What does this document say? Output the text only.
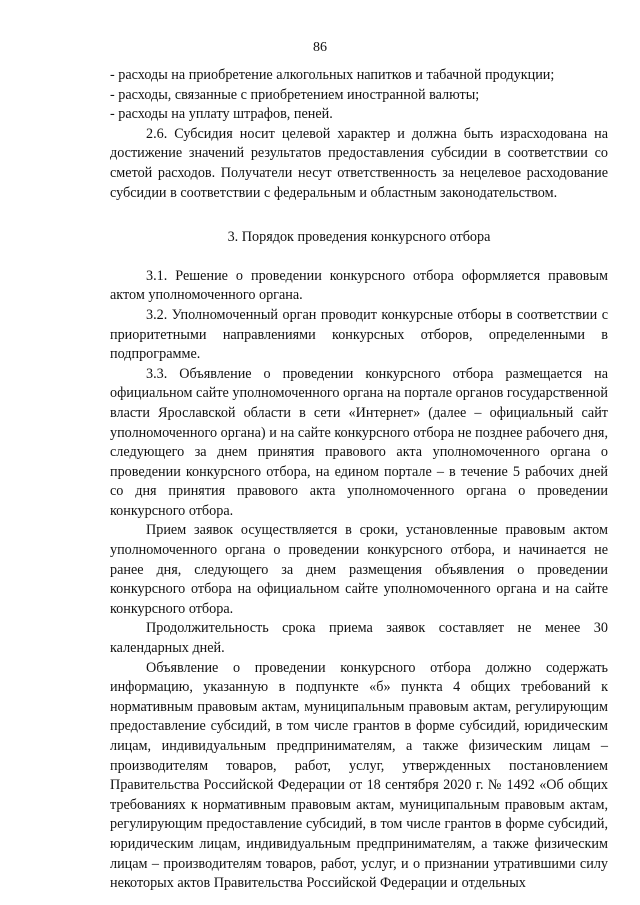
86

- расходы на приобретение алкогольных напитков и табачной продукции;

- расходы, связанные с приобретением иностранной валюты;

- расходы на уплату штрафов, пеней.

2.6. Субсидия носит целевой характер и должна быть израсходована на достижение значений результатов предоставления субсидии в соответствии со сметой расходов. Получатели несут ответственность за нецелевое расходование субсидии в соответствии с федеральным и областным законодательством.

3. Порядок проведения конкурсного отбора

3.1. Решение о проведении конкурсного отбора оформляется правовым актом уполномоченного органа.

3.2. Уполномоченный орган проводит конкурсные отборы в соответствии с приоритетными направлениями конкурсных отборов, определенными в подпрограмме.

3.3. Объявление о проведении конкурсного отбора размещается на официальном сайте уполномоченного органа на портале органов государственной власти Ярославской области в сети «Интернет» (далее – официальный сайт уполномоченного органа) и на сайте конкурсного отбора не позднее рабочего дня, следующего за днем принятия правового акта уполномоченного органа о проведении конкурсного отбора, на едином портале – в течение 5 рабочих дней со дня принятия правового акта уполномоченного органа о проведении конкурсного отбора.

Прием заявок осуществляется в сроки, установленные правовым актом уполномоченного органа о проведении конкурсного отбора, и начинается не ранее дня, следующего за днем размещения объявления о проведении конкурсного отбора на официальном сайте уполномоченного органа и на сайте конкурсного отбора.

Продолжительность срока приема заявок составляет не менее 30 календарных дней.

Объявление о проведении конкурсного отбора должно содержать информацию, указанную в подпункте «б» пункта 4 общих требований к нормативным правовым актам, муниципальным правовым актам, регулирующим предоставление субсидий, в том числе грантов в форме субсидий, юридическим лицам, индивидуальным предпринимателям, а также физическим лицам – производителям товаров, работ, услуг, утвержденных постановлением Правительства Российской Федерации от 18 сентября 2020 г. № 1492 «Об общих требованиях к нормативным правовым актам, муниципальным правовым актам, регулирующим предоставление субсидий, в том числе грантов в форме субсидий, юридическим лицам, индивидуальным предпринимателям, а также физическим лицам – производителям товаров, работ, услуг, и о признании утратившими силу некоторых актов Правительства Российской Федерации и отдельных
